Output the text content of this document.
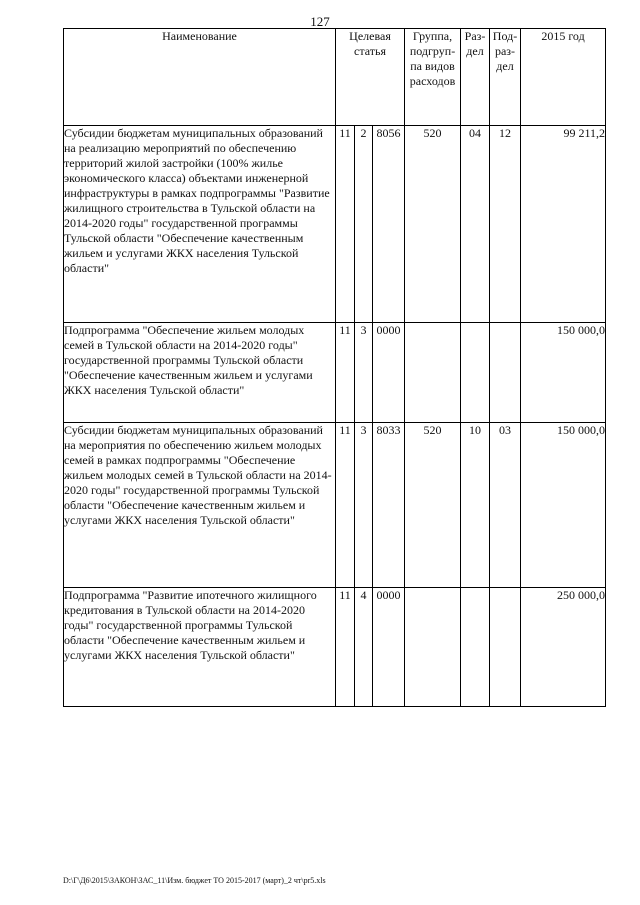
127
Наименование	Целевая статья			Группа, подгруп-па видов расходов	Раз-дел	Под-раз-дел	2015 год
Субсидии бюджетам муниципальных образований на реализацию мероприятий по обеспечению территорий жилой застройки (100% жилье экономического класса) объектами инженерной инфраструктуры в рамках подпрограммы "Развитие жилищного строительства в Тульской области на 2014-2020 годы" государственной программы Тульской области "Обеспечение качественным жильем и услугами ЖКХ населения Тульской области"	11	2	8056	520	04	12	99 211,2
Подпрограмма "Обеспечение жильем молодых семей в Тульской области на 2014-2020 годы" государственной программы Тульской области "Обеспечение качественным жильем и услугами ЖКХ населения Тульской области"	11	3	0000				150 000,0
Субсидии бюджетам муниципальных образований на мероприятия по обеспечению жильем молодых семей в рамках подпрограммы "Обеспечение жильем молодых семей в Тульской области на 2014-2020 годы" государственной программы Тульской области "Обеспечение качественным жильем и услугами ЖКХ населения Тульской области"	11	3	8033	520	10	03	150 000,0
Подпрограмма "Развитие ипотечного жилищного кредитования в Тульской области на 2014-2020 годы" государственной программы Тульской области "Обеспечение качественным жильем и услугами ЖКХ населения Тульской области"	11	4	0000				250 000,0
D:\Г\Д6\2015\ЗАКОН\ЗАС_11\Изм. бюджет ТО 2015-2017 (март)_2 чт\pr5.xls
